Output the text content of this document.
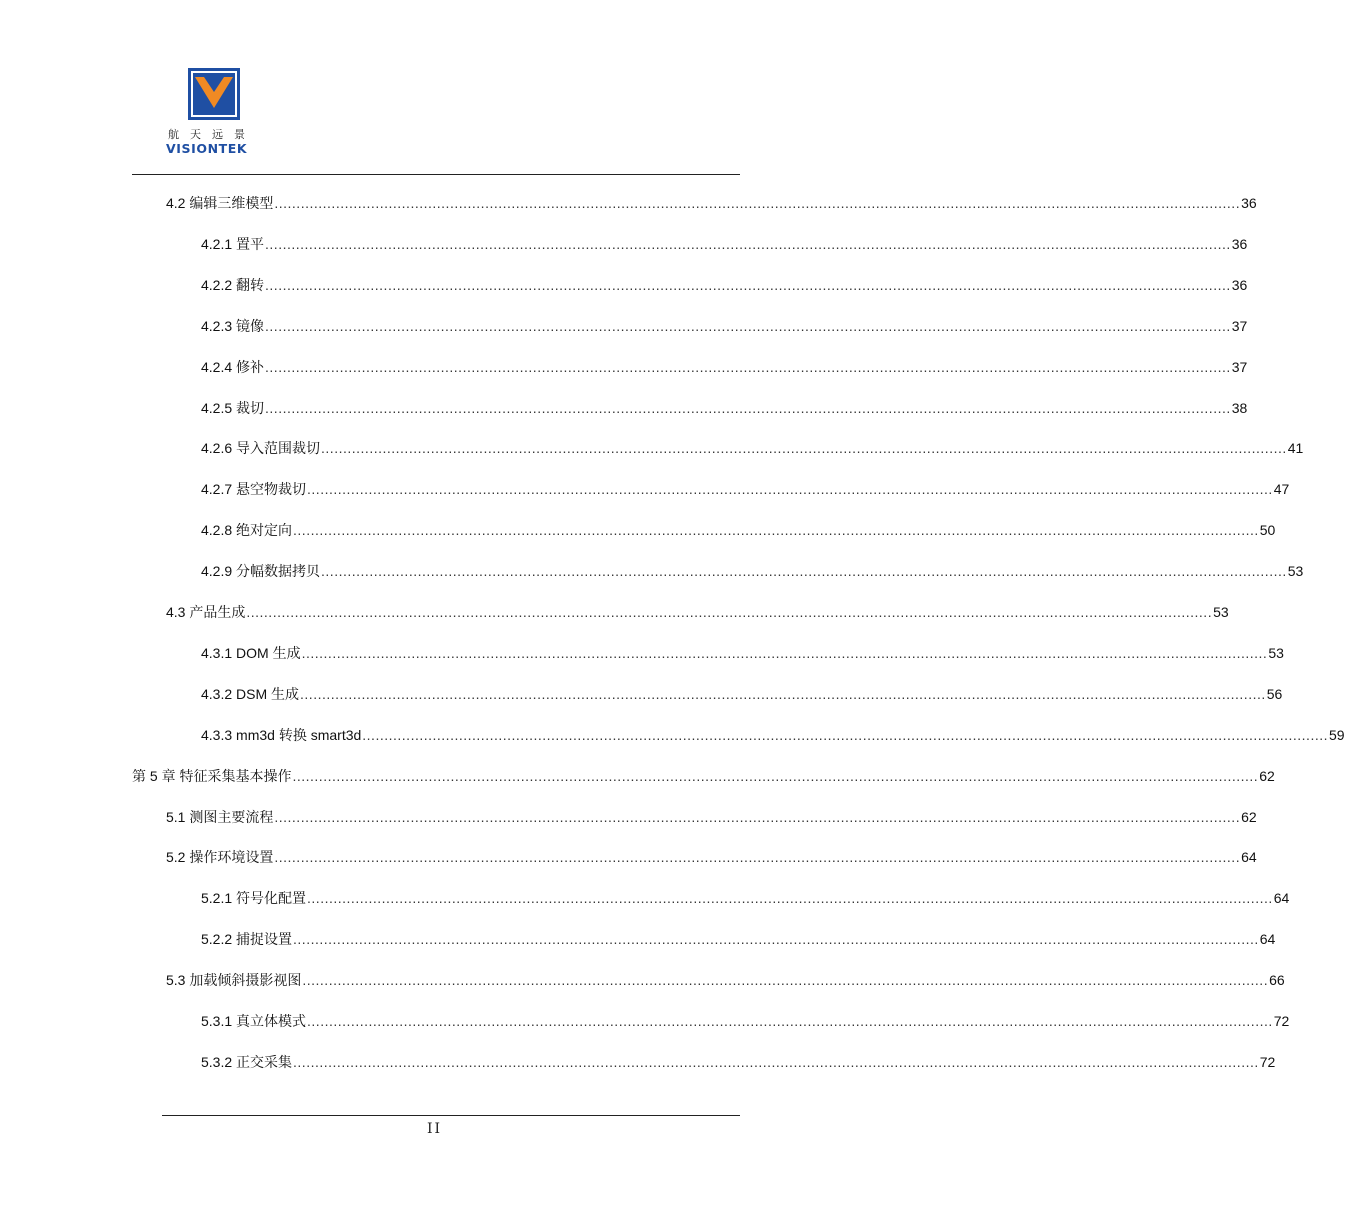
航天远景
VISIONTEK
4.2 编辑三维模型 ............................................................................................................................................................................................................................ 36
4.2.1 置平 ............................................................................................................................................................................................................................ 36
4.2.2 翻转 ............................................................................................................................................................................................................................ 36
4.2.3 镜像 ............................................................................................................................................................................................................................ 37
4.2.4 修补 ............................................................................................................................................................................................................................ 37
4.2.5 裁切 ............................................................................................................................................................................................................................ 38
4.2.6 导入范围裁切 ............................................................................................................................................................................................................................ 41
4.2.7 悬空物裁切 ............................................................................................................................................................................................................................ 47
4.2.8 绝对定向 ............................................................................................................................................................................................................................ 50
4.2.9 分幅数据拷贝 ............................................................................................................................................................................................................................ 53
4.3 产品生成 ............................................................................................................................................................................................................................ 53
4.3.1 DOM 生成 ............................................................................................................................................................................................................................ 53
4.3.2 DSM 生成 ............................................................................................................................................................................................................................ 56
4.3.3 mm3d 转换 smart3d ............................................................................................................................................................................................................................ 59
第 5 章 特征采集基本操作 ............................................................................................................................................................................................................................ 62
5.1 测图主要流程 ............................................................................................................................................................................................................................ 62
5.2 操作环境设置 ............................................................................................................................................................................................................................ 64
5.2.1 符号化配置 ............................................................................................................................................................................................................................ 64
5.2.2 捕捉设置 ............................................................................................................................................................................................................................ 64
5.3 加载倾斜摄影视图 ............................................................................................................................................................................................................................ 66
5.3.1 真立体模式 ............................................................................................................................................................................................................................ 72
5.3.2 正交采集 ............................................................................................................................................................................................................................ 72
II
